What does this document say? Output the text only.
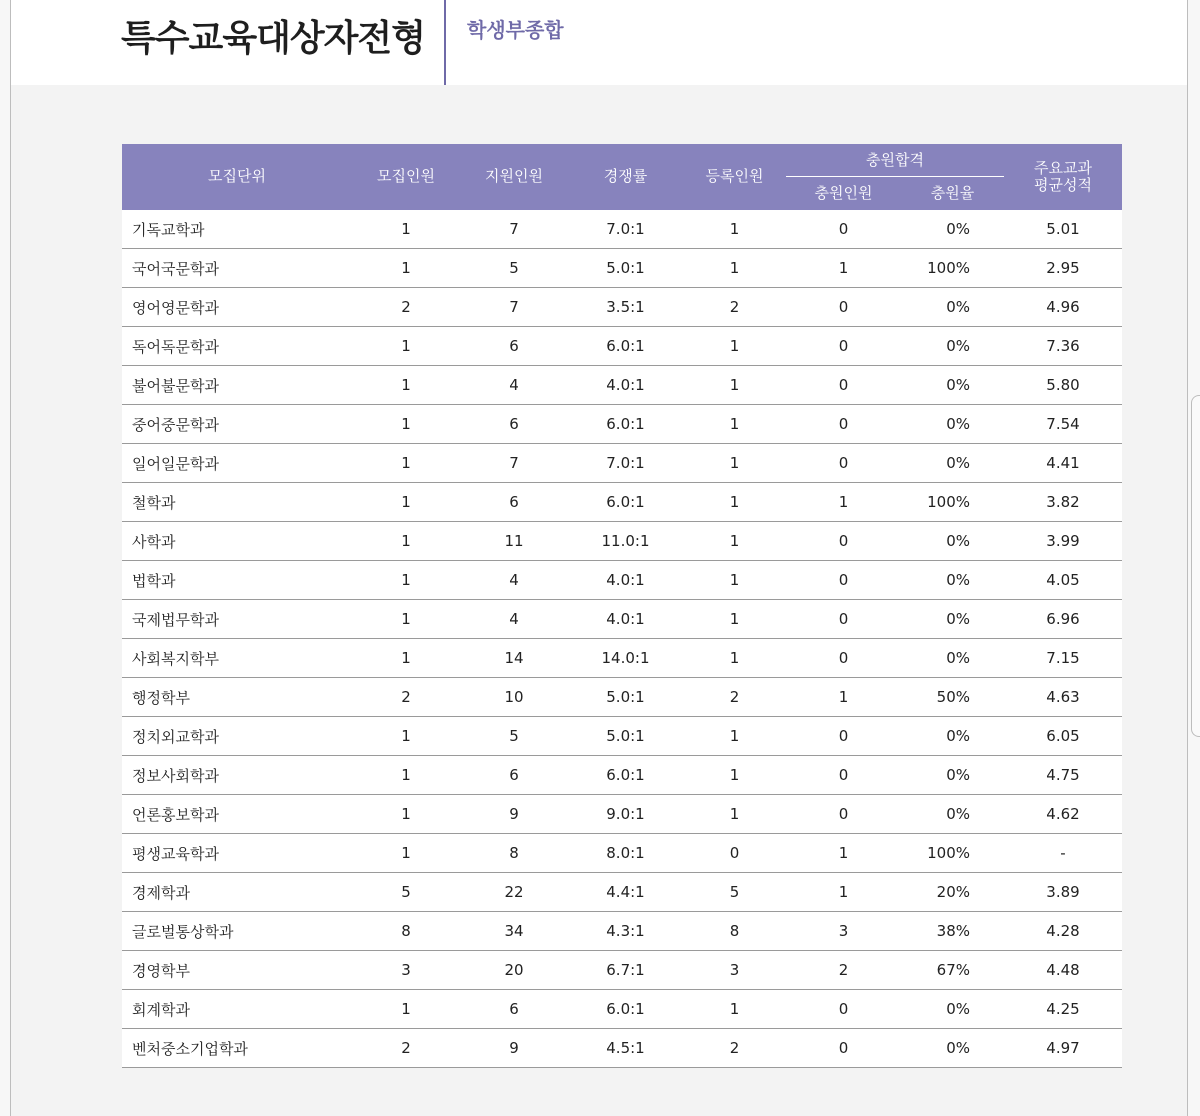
특수교육대상자전형 학생부종합
모집단위	모집인원	지원인원	경쟁률	등록인원	충원합격		주요교과
평균성적

					충원인원	충원율	
기독교학과	1	7	7.0:1	1	0	0%	5.01
국어국문학과	1	5	5.0:1	1	1	100%	2.95
영어영문학과	2	7	3.5:1	2	0	0%	4.96
독어독문학과	1	6	6.0:1	1	0	0%	7.36
불어불문학과	1	4	4.0:1	1	0	0%	5.80
중어중문학과	1	6	6.0:1	1	0	0%	7.54
일어일문학과	1	7	7.0:1	1	0	0%	4.41
철학과	1	6	6.0:1	1	1	100%	3.82
사학과	1	11	11.0:1	1	0	0%	3.99
법학과	1	4	4.0:1	1	0	0%	4.05
국제법무학과	1	4	4.0:1	1	0	0%	6.96
사회복지학부	1	14	14.0:1	1	0	0%	7.15
행정학부	2	10	5.0:1	2	1	50%	4.63
정치외교학과	1	5	5.0:1	1	0	0%	6.05
정보사회학과	1	6	6.0:1	1	0	0%	4.75
언론홍보학과	1	9	9.0:1	1	0	0%	4.62
평생교육학과	1	8	8.0:1	0	1	100%	-
경제학과	5	22	4.4:1	5	1	20%	3.89
글로벌통상학과	8	34	4.3:1	8	3	38%	4.28
경영학부	3	20	6.7:1	3	2	67%	4.48
회계학과	1	6	6.0:1	1	0	0%	4.25
벤처중소기업학과	2	9	4.5:1	2	0	0%	4.97
